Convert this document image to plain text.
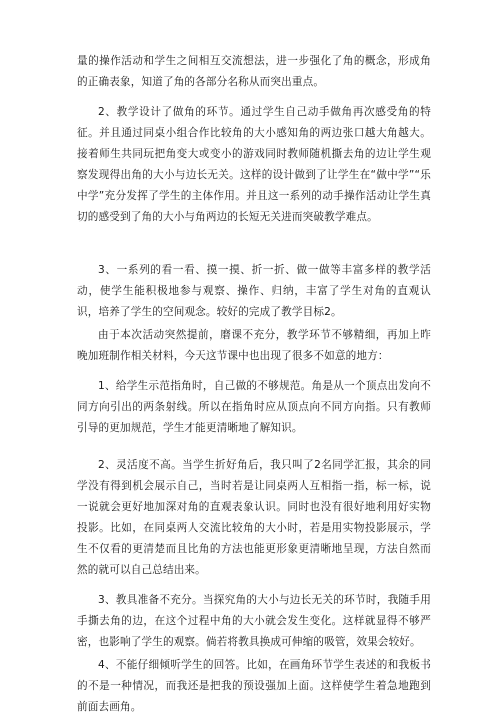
量的操作活动和学生之间相互交流想法，进一步强化了角的概念，形成角的正确表象，知道了角的各部分名称从而突出重点。

2、教学设计了做角的环节。通过学生自己动手做角再次感受角的特征。并且通过同桌小组合作比较角的大小感知角的两边张口越大角越大。接着师生共同玩把角变大或变小的游戏同时教师随机撕去角的边让学生观察发现得出角的大小与边长无关。这样的设计做到了让学生在“做中学”“乐中学”充分发挥了学生的主体作用。并且这一系列的动手操作活动让学生真切的感受到了角的大小与角两边的长短无关进而突破教学难点。

3、一系列的看一看、摸一摸、折一折、做一做等丰富多样的教学活动，使学生能积极地参与观察、操作、归纳，丰富了学生对角的直观认识，培养了学生的空间观念。较好的完成了教学目标2。

由于本次活动突然提前，磨课不充分，教学环节不够精细，再加上昨晚加班制作相关材料，今天这节课中也出现了很多不如意的地方：

1、给学生示范指角时，自己做的不够规范。角是从一个顶点出发向不同方向引出的两条射线。所以在指角时应从顶点向不同方向指。只有教师引导的更加规范，学生才能更清晰地了解知识。

2、灵活度不高。当学生折好角后，我只叫了2名同学汇报，其余的同学没有得到机会展示自己，当时若是让同桌两人互相指一指，标一标，说一说就会更好地加深对角的直观表象认识。同时也没有很好地利用好实物投影。比如，在同桌两人交流比较角的大小时，若是用实物投影展示，学生不仅看的更清楚而且比角的方法也能更形象更清晰地呈现，方法自然而然的就可以自己总结出来。

3、教具准备不充分。当探究角的大小与边长无关的环节时，我随手用手撕去角的边，在这个过程中角的大小就会发生变化。这样就显得不够严密，也影响了学生的观察。倘若将教具换成可伸缩的吸管，效果会较好。

4、不能仔细倾听学生的回答。比如，在画角环节学生表述的和我板书的不是一种情况，而我还是把我的预设强加上面。这样使学生着急地跑到前面去画角。
